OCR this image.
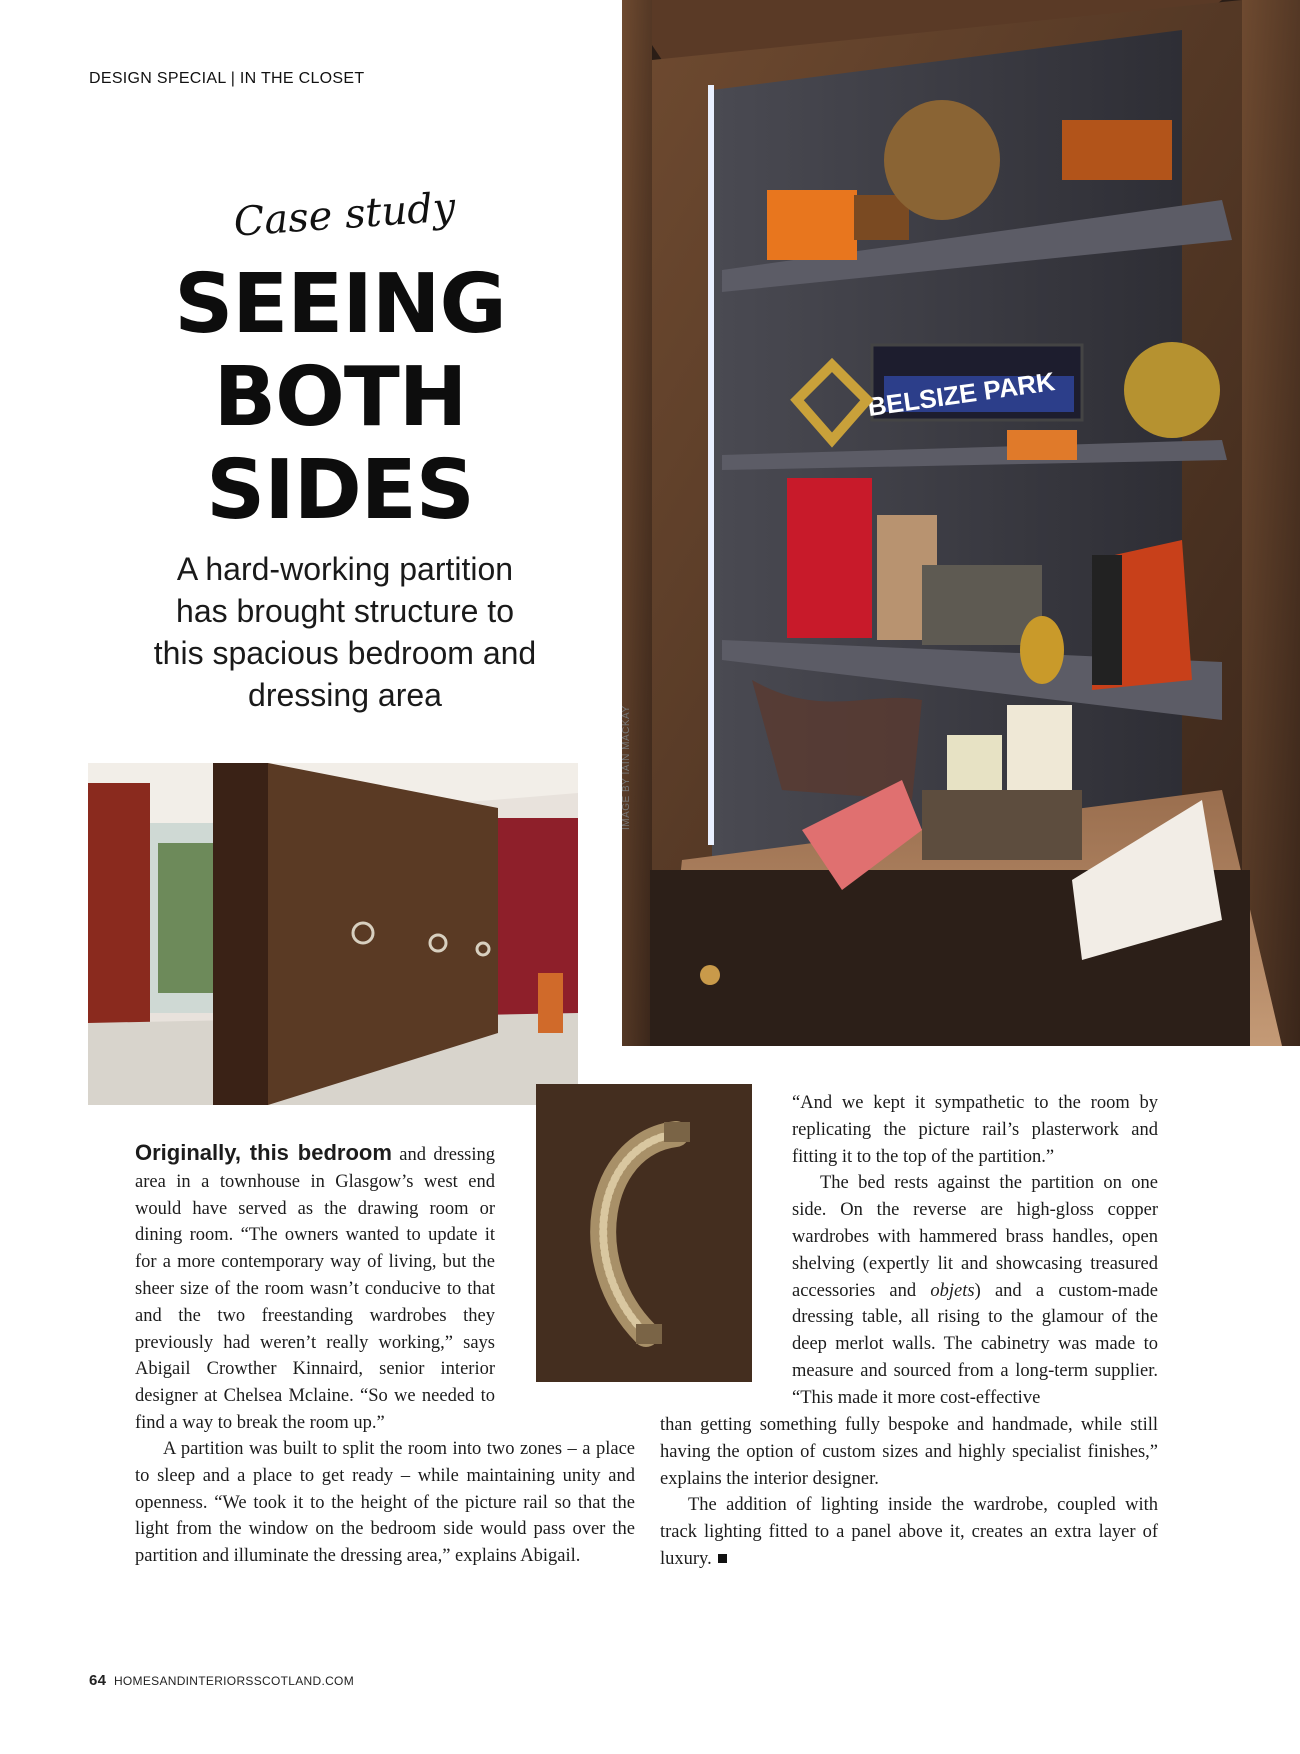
DESIGN SPECIAL | IN THE CLOSET
Case study
SEEING
BOTH
SIDES
A hard-working partition
has brought structure to
this spacious bedroom and
dressing area
BELSIZE PARK
IMAGE BY IAIN MACKAY

Originally, this bedroom and dressing area in a townhouse in Glasgow’s west end would have served as the drawing room or dining room. “The owners wanted to update it for a more contemporary way of living, but the sheer size of the room wasn’t conducive to that and the two freestanding wardrobes they previously had weren’t really working,” says Abigail Crowther Kinnaird, senior interior designer at Chelsea Mclaine. “So we needed to find a way to break the room up.”

A partition was built to split the room into two zones – a place to sleep and a place to get ready – while maintaining unity and openness. “We took it to the height of the picture rail so that the light from the window on the bedroom side would pass over the partition and illuminate the dressing area,” explains Abigail.

“And we kept it sympathetic to the room by replicating the picture rail’s plasterwork and fitting it to the top of the partition.”

The bed rests against the partition on one side. On the reverse are high-gloss copper wardrobes with hammered brass handles, open shelving (expertly lit and showcasing treasured accessories and objets) and a custom-made dressing table, all rising to the glamour of the deep merlot walls. The cabinetry was made to measure and sourced from a long-term supplier. “This made it more cost-effective

than getting something fully bespoke and handmade, while still having the option of custom sizes and highly specialist finishes,” explains the interior designer.

The addition of lighting inside the wardrobe, coupled with track lighting fitted to a panel above it, creates an extra layer of luxury.

64 HOMESANDINTERIORSSCOTLAND.COM
